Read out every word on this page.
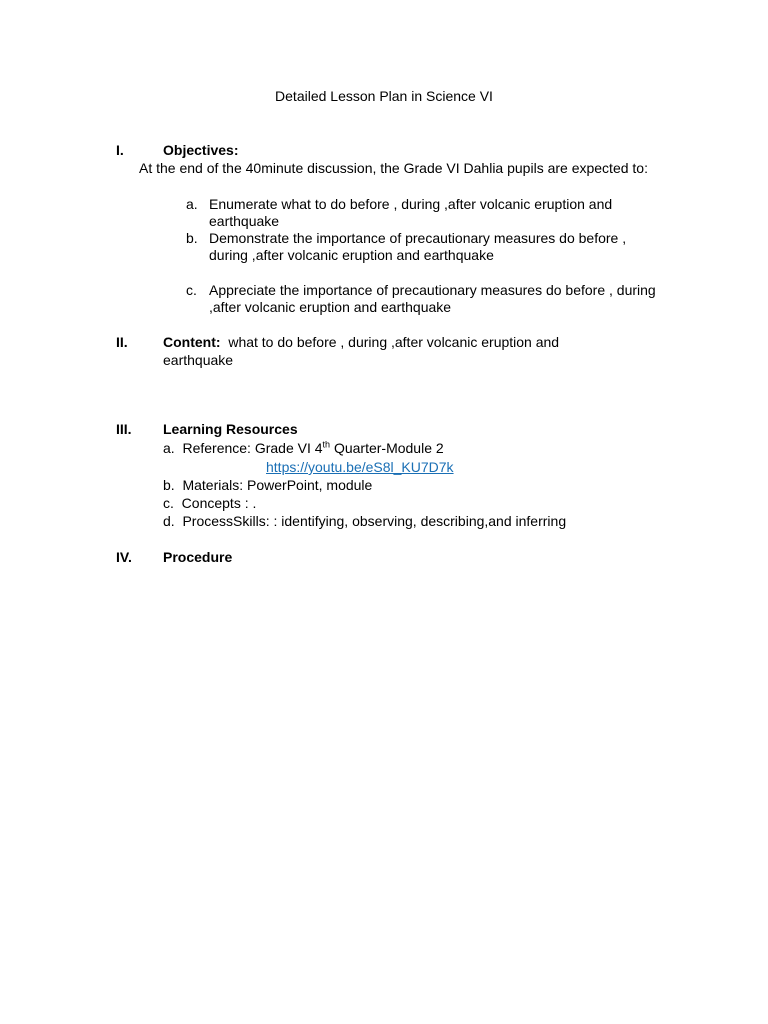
Detailed Lesson Plan in Science VI
I.	Objectives:
At the end of the 40minute discussion, the Grade VI Dahlia pupils are expected to:
a. Enumerate what to do before , during ,after volcanic eruption and earthquake
b. Demonstrate the importance of precautionary measures do before , during ,after volcanic eruption and earthquake
c. Appreciate the importance of precautionary measures do before , during ,after volcanic eruption and earthquake
II.	Content: what to do before , during ,after volcanic eruption and
earthquake
III. Learning Resources
a. Reference: Grade VI 4th Quarter-Module 2
https://youtu.be/eS8l_KU7D7k
b. Materials: PowerPoint, module
c. Concepts : .
d. ProcessSkills: : identifying, observing, describing,and inferring
IV. Procedure
